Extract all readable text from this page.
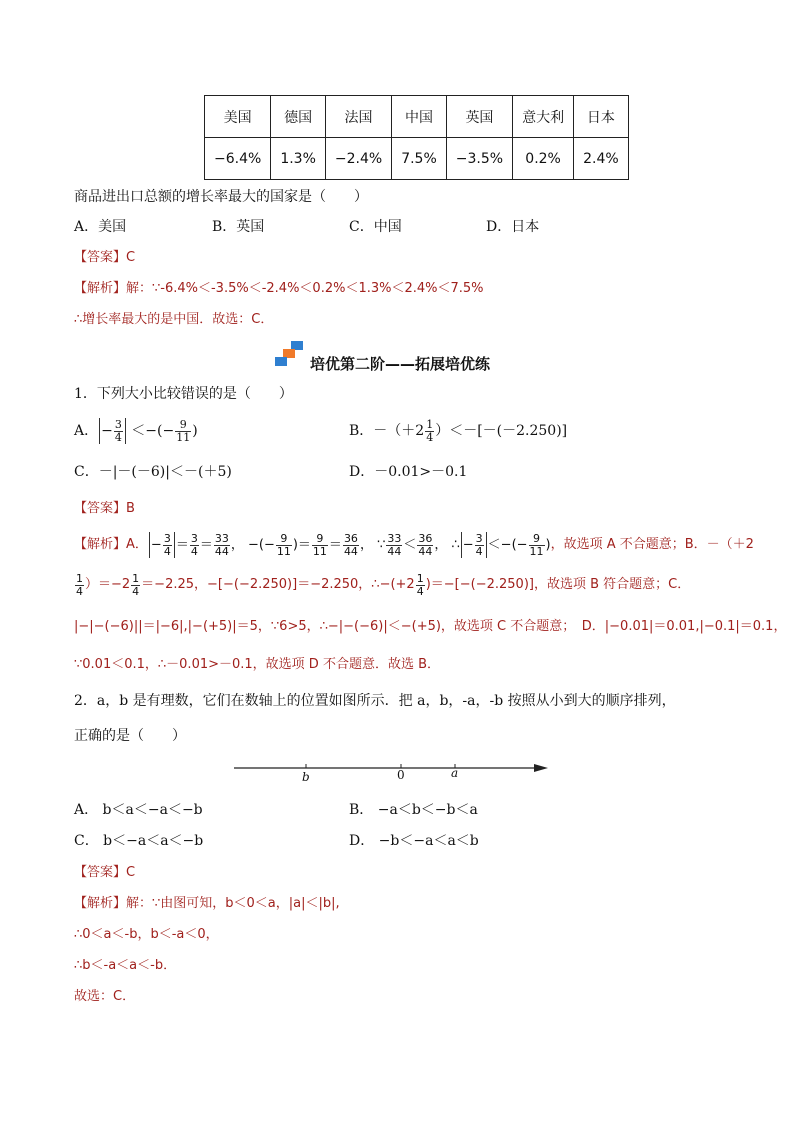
美国	德国	法国	中国	英国	意大利	日本
−6.4%	1.3%	−2.4%	7.5%	−3.5%	0.2%	2.4%
商品进出口总额的增长率最大的国家是（　　）
A．美国	B．英国	C．中国	D．日本
【答案】C
【解析】解：∵-6.4%＜-3.5%＜-2.4%＜0.2%＜1.3%＜2.4%＜7.5%
∴增长率最大的是中国．故选：C．
培优第二阶——拓展培优练
1．下列大小比较错误的是（　　）
A． − $\frac{3}{4}$ ＜−(− $\frac{9}{11}$ )	B．$-(+2 \frac{1}{4} )<-[-(-2.250)]$
C．－|－(－6)|＜－(＋5)	D．－0.01>－0.1
【答案】B
【解析】A． − $\frac{3}{4} = \frac{3}{4} = \frac{33}{44}$ ， −(− $\frac{9}{11}$ )＝ $\frac{9}{11} = \frac{36}{44}$ ， ∵ $\frac{33}{44} < \frac{36}{44}$ ， ∴ − $\frac{3}{4}$ ＜−(− $\frac{9}{11}$ ) ，故选项 A 不合题意；B．－（＋2
$\frac{1}{4} )=-2 \frac{1}{4} =-2.25$，−[−(−2.250)]＝−2.250，∴−(+2 $\frac{1}{4} )=-[-(-2.250)]$，故选项 B 符合题意；C．
|−|−(−6)||＝|−6|,|−(+5)|＝5，∵6>5，∴−|−(−6)|＜−(+5)，故选项 C 不合题意；　D．|−0.01|＝0.01,|−0.1|＝0.1，
∵0.01＜0.1，∴－0.01>－0.1，故选项 D 不合题意．故选 B．
2．a，b 是有理数，它们在数轴上的位置如图所示．把 a，b，-a，-b 按照从小到大的顺序排列，
正确的是（　　）
b	0	a
A． b＜a＜−a＜−b	B． −a＜b＜−b＜a
C． b＜−a＜a＜−b	D． −b＜−a＜a＜b
【答案】C
【解析】解：∵由图可知，b＜0＜a，|a|＜|b|,
∴0＜a＜-b，b＜-a＜0，
∴b＜-a＜a＜-b．
故选：C．
